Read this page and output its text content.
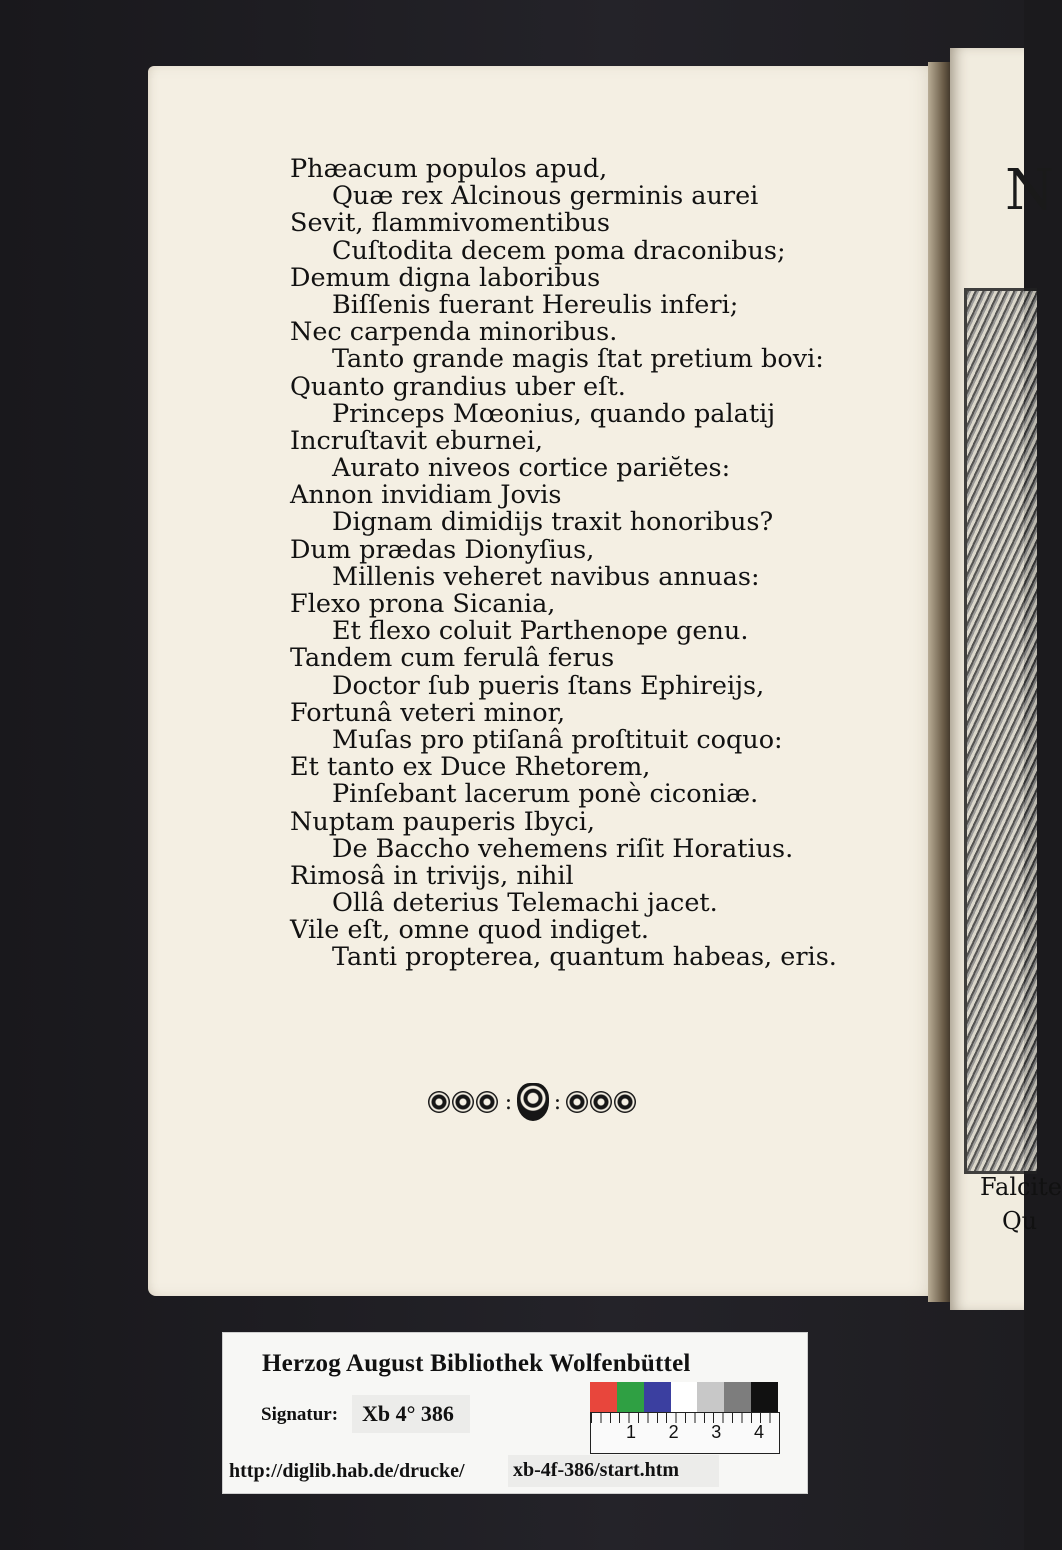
N
Falcite
Qu
Phæacum populos apud,
Quæ rex Alcinous germinis aurei
Sevit, flammivomentibus
Cuſtodita decem poma draconibus;
Demum digna laboribus
Biſſenis fuerant Hereulis inferi;
Nec carpenda minoribus.
Tanto grande magis ſtat pretium bovi:
Quanto grandius uber eſt.
Princeps Mœonius, quando palatij
Incruſtavit eburnei,
Aurato niveos cortice pariĕtes:
Annon invidiam Jovis
Dignam dimidijs traxit honoribus?
Dum prædas Dionyſius,
Millenis veheret navibus annuas:
Flexo prona Sicania,
Et flexo coluit Parthenope genu.
Tandem cum ferulâ ferus
Doctor ſub pueris ſtans Ephireijs,
Fortunâ veteri minor,
Muſas pro ptiſanâ proſtituit coquo:
Et tanto ex Duce Rhetorem,
Pinſebant lacerum ponè ciconiæ.
Nuptam pauperis Ibyci,
De Baccho vehemens riſit Horatius.
Rimosâ in trivijs, nihil
Ollâ deterius Telemachi jacet.
Vile eſt, omne quod indiget.
Tanti propterea, quantum habeas, eris.
: :
Herzog August Bibliothek Wolfenbüttel
Signatur:	Xb 4° 386
1	2	3	4
http://diglib.hab.de/drucke/ xb-4f-386/start.htm
